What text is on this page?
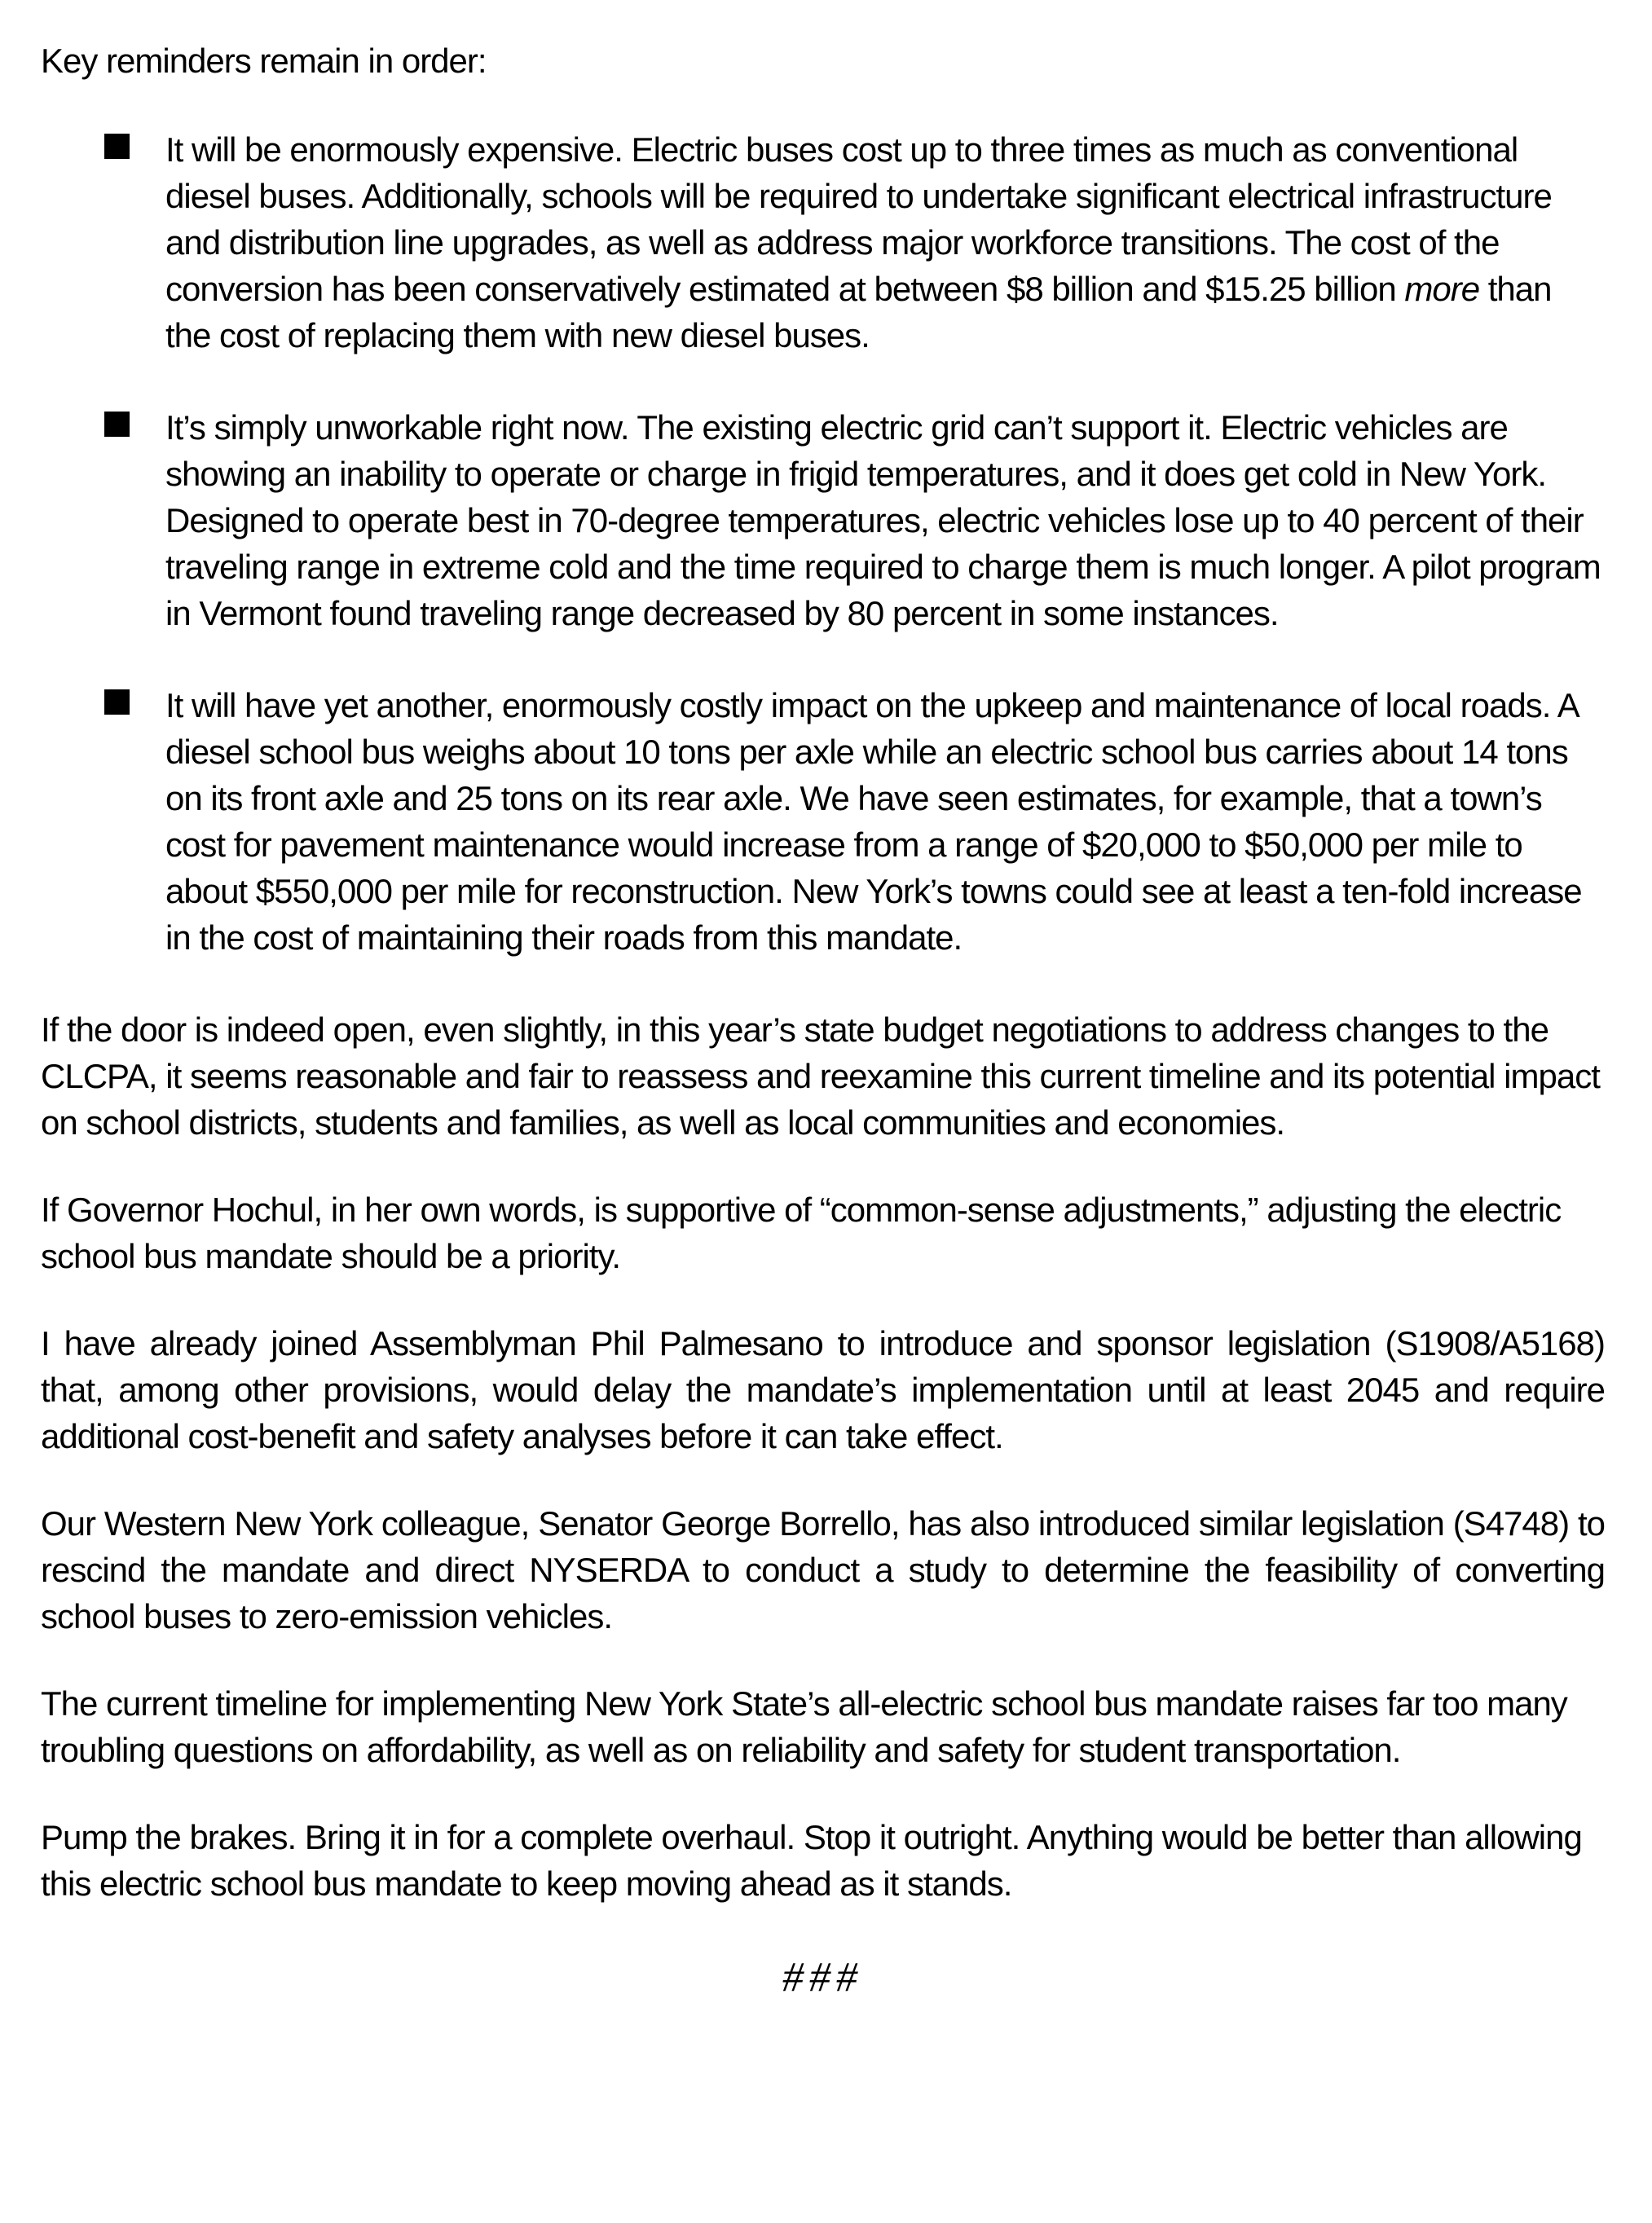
Key reminders remain in order:

It will be enormously expensive. Electric buses cost up to three times as much as conventional diesel buses. Additionally, schools will be required to undertake significant electrical infrastructure and distribution line upgrades, as well as address major workforce transitions. The cost of the conversion has been conservatively estimated at between $8 billion and $15.25 billion more than the cost of replacing them with new diesel buses.
It’s simply unworkable right now. The existing electric grid can’t support it. Electric vehicles are showing an inability to operate or charge in frigid temperatures, and it does get cold in New York. Designed to operate best in 70-degree temperatures, electric vehicles lose up to 40 percent of their traveling range in extreme cold and the time required to charge them is much longer. A pilot program in Vermont found traveling range decreased by 80 percent in some instances.
It will have yet another, enormously costly impact on the upkeep and maintenance of local roads. A diesel school bus weighs about 10 tons per axle while an electric school bus carries about 14 tons on its front axle and 25 tons on its rear axle. We have seen estimates, for example, that a town’s cost for pavement maintenance would increase from a range of $20,000 to $50,000 per mile to about $550,000 per mile for reconstruction. New York’s towns could see at least a ten-fold increase in the cost of maintaining their roads from this mandate.

If the door is indeed open, even slightly, in this year’s state budget negotiations to address changes to the CLCPA, it seems reasonable and fair to reassess and reexamine this current timeline and its potential impact on school districts, students and families, as well as local communities and economies.

If Governor Hochul, in her own words, is supportive of “common-sense adjustments,” adjusting the electric school bus mandate should be a priority.

I have already joined Assemblyman Phil Palmesano to introduce and sponsor legislation (S1908/A5168) that, among other provisions, would delay the mandate’s implementation until at least 2045 and require additional cost-benefit and safety analyses before it can take effect.

Our Western New York colleague, Senator George Borrello, has also introduced similar legislation (S4748) to rescind the mandate and direct NYSERDA to conduct a study to determine the feasibility of converting school buses to zero-emission vehicles.

The current timeline for implementing New York State’s all-electric school bus mandate raises far too many troubling questions on affordability, as well as on reliability and safety for student transportation.

Pump the brakes. Bring it in for a complete overhaul. Stop it outright. Anything would be better than allowing this electric school bus mandate to keep moving ahead as it stands.

###
